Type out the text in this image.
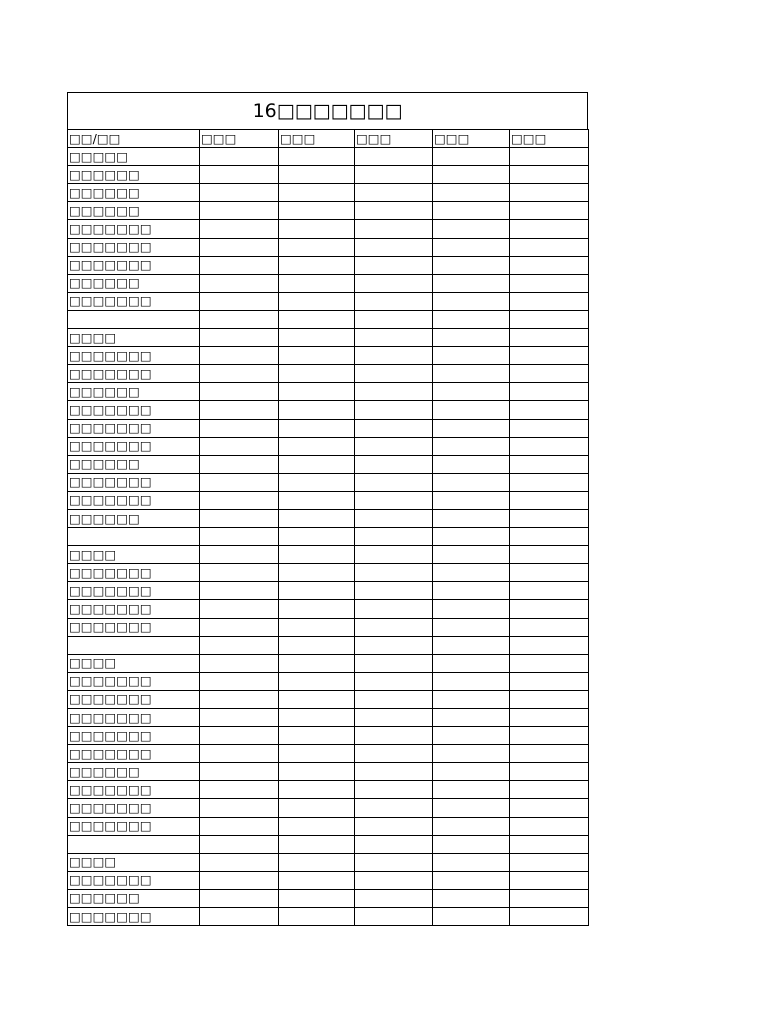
16□□□□□□□
□□/□□	□□□	□□□	□□□	□□□	□□□
□□□□□					
□□□□□□					
□□□□□□					
□□□□□□					
□□□□□□□					
□□□□□□□					
□□□□□□□					
□□□□□□					
□□□□□□□					

□□□□					
□□□□□□□					
□□□□□□□					
□□□□□□					
□□□□□□□					
□□□□□□□					
□□□□□□□					
□□□□□□					
□□□□□□□					
□□□□□□□					
□□□□□□					

□□□□					
□□□□□□□					
□□□□□□□					
□□□□□□□					
□□□□□□□					

□□□□					
□□□□□□□					
□□□□□□□					
□□□□□□□					
□□□□□□□					
□□□□□□□					
□□□□□□					
□□□□□□□					
□□□□□□□					
□□□□□□□					

□□□□					
□□□□□□□					
□□□□□□					
□□□□□□□					
